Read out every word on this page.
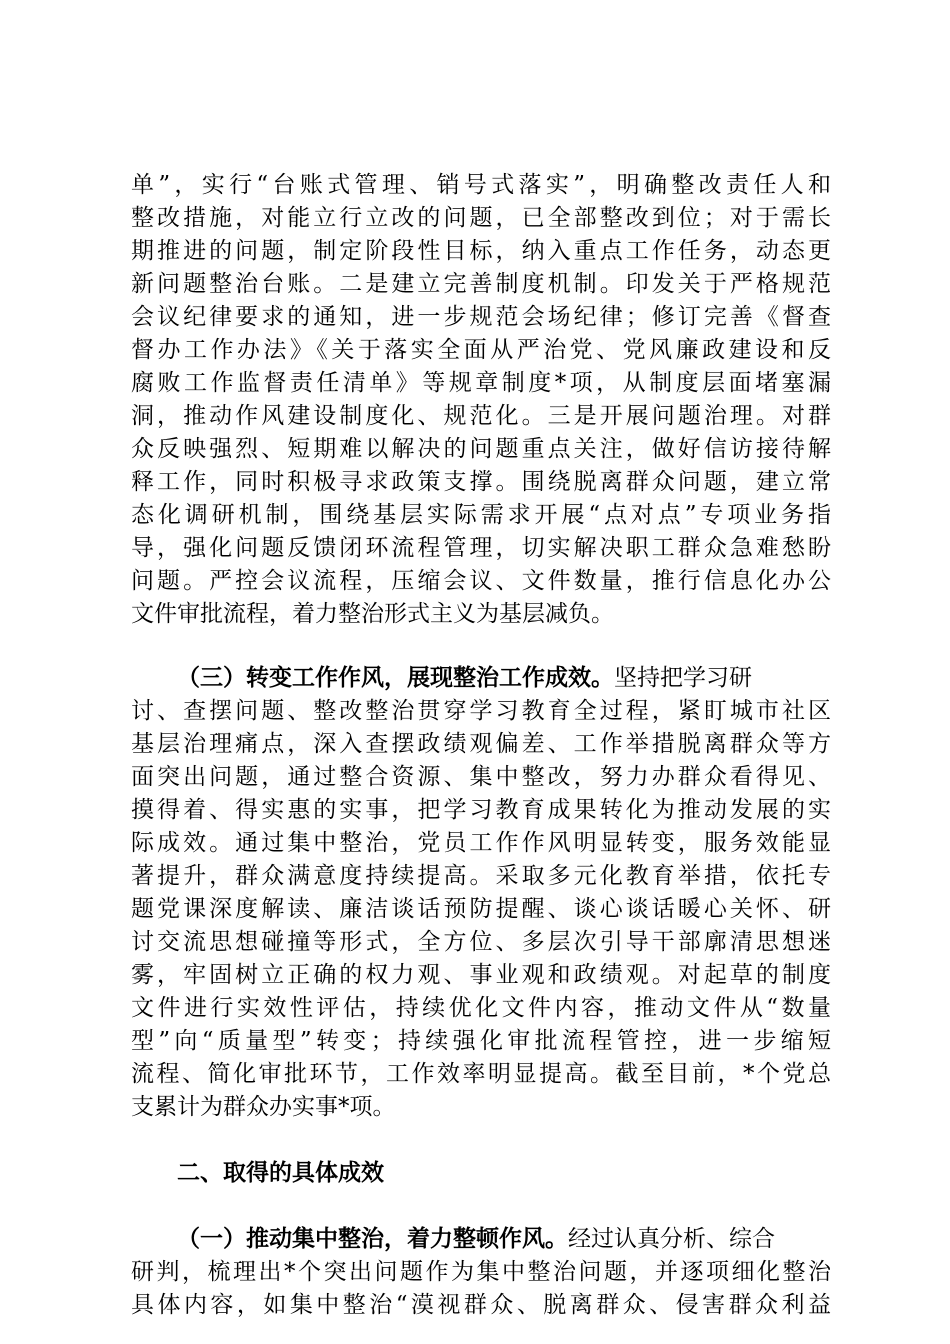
单”，实行“台账式管理、销号式落实”，明确整改责任人和
整改措施，对能立行立改的问题，已全部整改到位；对于需长
期推进的问题，制定阶段性目标，纳入重点工作任务，动态更
新问题整治台账。二是建立完善制度机制。印发关于严格规范
会议纪律要求的通知，进一步规范会场纪律；修订完善《督查
督办工作办法》《关于落实全面从严治党、党风廉政建设和反
腐败工作监督责任清单》等规章制度*项，从制度层面堵塞漏
洞，推动作风建设制度化、规范化。三是开展问题治理。对群
众反映强烈、短期难以解决的问题重点关注，做好信访接待解
释工作，同时积极寻求政策支撑。围绕脱离群众问题，建立常
态化调研机制，围绕基层实际需求开展“点对点”专项业务指
导，强化问题反馈闭环流程管理，切实解决职工群众急难愁盼
问题。严控会议流程，压缩会议、文件数量，推行信息化办公
文件审批流程，着力整治形式主义为基层减负。
（三）转变工作作风，展现整治工作成效。坚持把学习研
讨、查摆问题、整改整治贯穿学习教育全过程，紧盯城市社区
基层治理痛点，深入查摆政绩观偏差、工作举措脱离群众等方
面突出问题，通过整合资源、集中整改，努力办群众看得见、
摸得着、得实惠的实事，把学习教育成果转化为推动发展的实
际成效。通过集中整治，党员工作作风明显转变，服务效能显
著提升，群众满意度持续提高。采取多元化教育举措，依托专
题党课深度解读、廉洁谈话预防提醒、谈心谈话暖心关怀、研
讨交流思想碰撞等形式，全方位、多层次引导干部廓清思想迷
雾，牢固树立正确的权力观、事业观和政绩观。对起草的制度
文件进行实效性评估，持续优化文件内容，推动文件从“数量
型”向“质量型”转变；持续强化审批流程管控，进一步缩短
流程、简化审批环节，工作效率明显提高。截至目前，*个党总
支累计为群众办实事*项。
二、取得的具体成效
（一）推动集中整治，着力整顿作风。经过认真分析、综合
研判，梳理出*个突出问题作为集中整治问题，并逐项细化整治
具体内容，如集中整治“漠视群众、脱离群众、侵害群众利益
